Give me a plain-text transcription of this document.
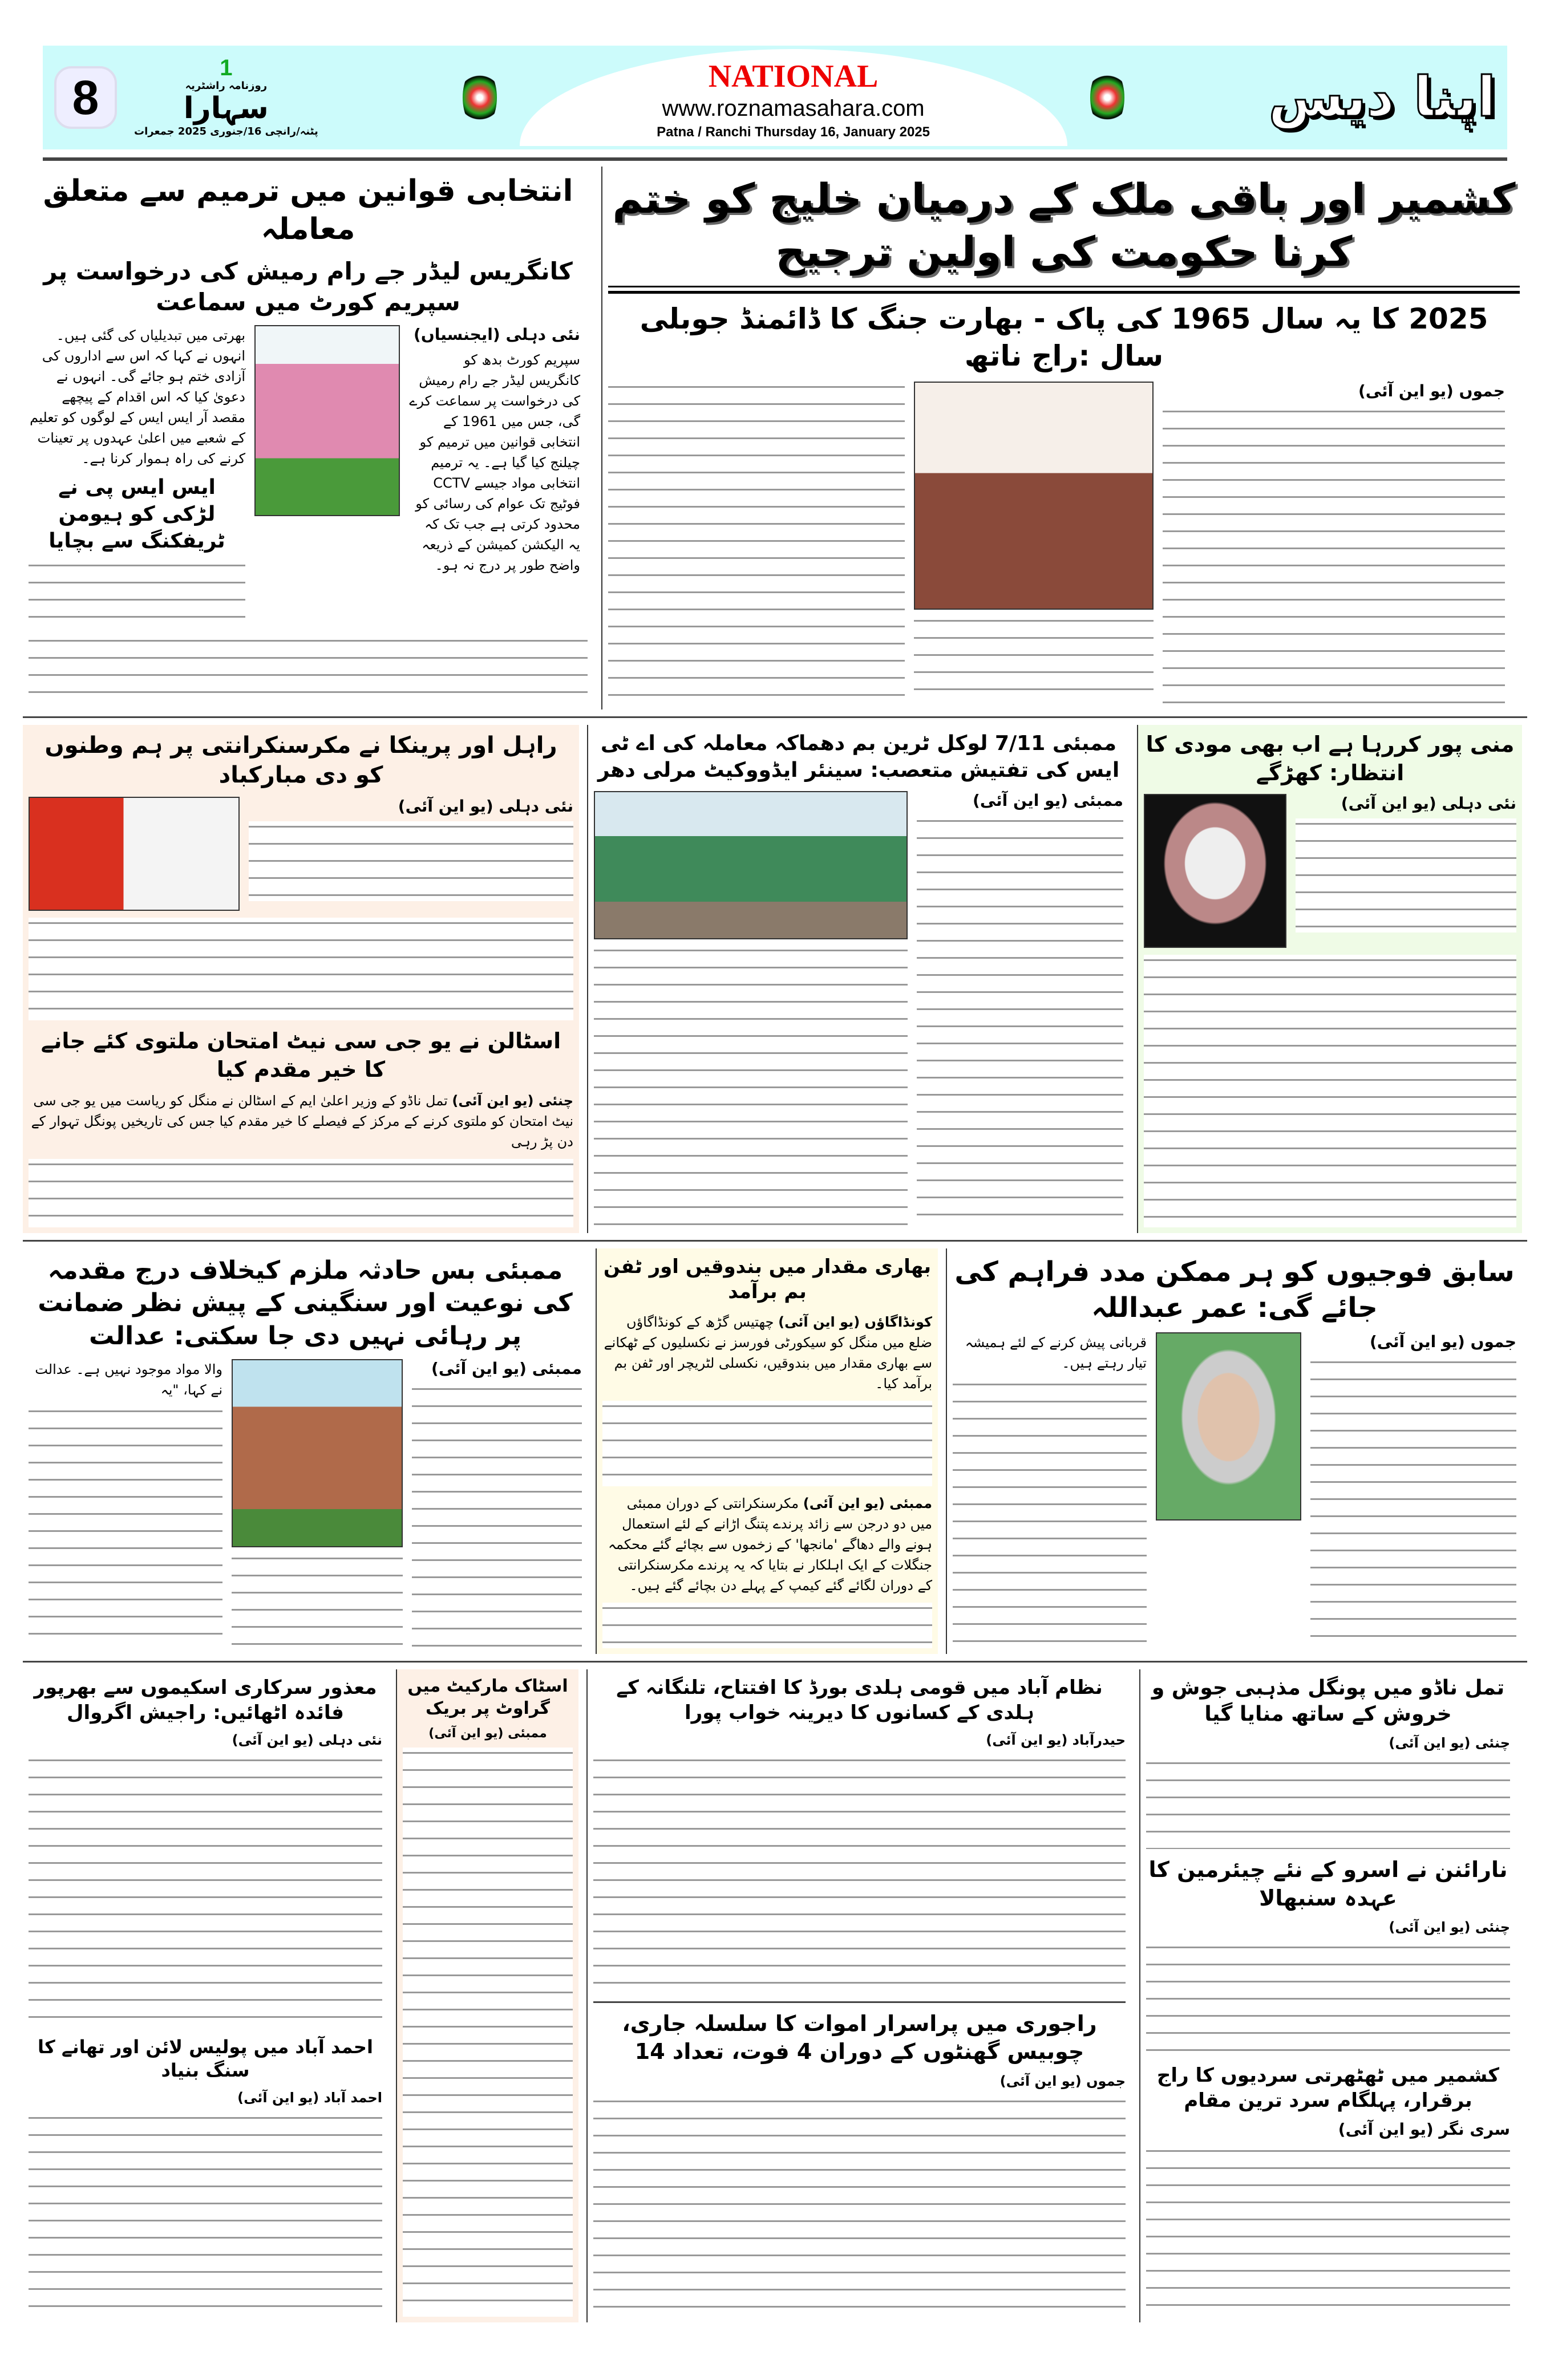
8
1
روزنامہ راشٹریہ
سہارا
پٹنہ/رانچی 16/جنوری 2025 جمعرات
NATIONAL
www.roznamasahara.com
Patna / Ranchi Thursday 16, January 2025
اپنا دیس
انتخابی قوانین میں ترمیم سے متعلق معاملہ
کانگریس لیڈر جے رام رمیش کی درخواست پر سپریم کورٹ میں سماعت
بھرتی میں تبدیلیاں کی گئی ہیں۔ انہوں نے کہا کہ اس سے اداروں کی آزادی ختم ہو جائے گی۔ انہوں نے دعویٰ کیا کہ اس اقدام کے پیچھے مقصد آر ایس ایس کے لوگوں کو تعلیم کے شعبے میں اعلیٰ عہدوں پر تعینات کرنے کی راہ ہموار کرنا ہے۔
ایس ایس پی نے لڑکی کو ہیومن ٹریفکنگ سے بچایا
نئی دہلی (ایجنسیاں)
سپریم کورٹ بدھ کو کانگریس لیڈر جے رام رمیش کی درخواست پر سماعت کرے گی، جس میں 1961 کے انتخابی قوانین میں ترمیم کو چیلنج کیا گیا ہے۔ یہ ترمیم انتخابی مواد جیسے CCTV فوٹیج تک عوام کی رسائی کو محدود کرتی ہے جب تک کہ یہ الیکشن کمیشن کے ذریعہ واضح طور پر درج نہ ہو۔
کشمیر اور باقی ملک کے درمیان خلیج کو ختم کرنا حکومت کی اولین ترجیح
2025 کا یہ سال 1965 کی پاک - بھارت جنگ کا ڈائمنڈ جوبلی سال :راج ناتھ
جموں (یو این آئی)
راہل اور پرینکا نے مکرسنکرانتی پر ہم وطنوں کو دی مبارکباد
نئی دہلی (یو این آئی)
اسٹالن نے یو جی سی نیٹ امتحان ملتوی کئے جانے کا خیر مقدم کیا
چنئی (یو این آئی) تمل ناڈو کے وزیر اعلیٰ ایم کے اسٹالن نے منگل کو ریاست میں یو جی سی نیٹ امتحان کو ملتوی کرنے کے مرکز کے فیصلے کا خیر مقدم کیا جس کی تاریخیں پونگل تہوار کے دن پڑ رہی
ممبئی 7/11 لوکل ٹرین بم دھماکہ معاملہ کی اے ٹی ایس کی تفتیش متعصب: سینئر ایڈووکیٹ مرلی دھر
ممبئی (یو این آئی)
منی پور کررہا ہے اب بھی مودی کا انتظار: کھڑگے
نئی دہلی (یو این آئی)
ممبئی بس حادثہ ملزم کیخلاف درج مقدمہ کی نوعیت اور سنگینی کے پیش نظر ضمانت پر رہائی نہیں دی جا سکتی: عدالت
والا مواد موجود نہیں ہے۔ عدالت نے کہا، "یہ
ممبئی (یو این آئی)
بھاری مقدار میں بندوقیں اور ٹفن بم برآمد
کونڈاگاؤں (یو این آئی) چھتیس گڑھ کے کونڈاگاؤں ضلع میں منگل کو سیکورٹی فورسز نے نکسلیوں کے ٹھکانے سے بھاری مقدار میں بندوقیں، نکسلی لٹریچر اور ٹفن بم برآمد کیا۔
ممبئی (یو این آئی) مکرسنکرانتی کے دوران ممبئی میں دو درجن سے زائد پرندے پتنگ اڑانے کے لئے استعمال ہونے والے دھاگے 'مانجھا' کے زخموں سے بچائے گئے محکمہ جنگلات کے ایک اہلکار نے بتایا کہ یہ پرندے مکرسنکرانتی کے دوران لگائے گئے کیمپ کے پہلے دن بچائے گئے ہیں۔
سابق فوجیوں کو ہر ممکن مدد فراہم کی جائے گی: عمر عبداللہ
قربانی پیش کرنے کے لئے ہمیشہ تیار رہتے ہیں۔
جموں (یو این آئی)
معذور سرکاری اسکیموں سے بھرپور فائدہ اٹھائیں: راجیش اگروال
نئی دہلی (یو این آئی)
احمد آباد میں پولیس لائن اور تھانے کا سنگ بنیاد
احمد آباد (یو این آئی)
اسٹاک مارکیٹ میں گراوٹ پر بریک
ممبئی (یو این آئی)
نظام آباد میں قومی ہلدی بورڈ کا افتتاح، تلنگانہ کے ہلدی کے کسانوں کا دیرینہ خواب پورا
حیدرآباد (یو این آئی)
راجوری میں پراسرار اموات کا سلسلہ جاری، چوبیس گھنٹوں کے دوران 4 فوت، تعداد 14
جموں (یو این آئی)
تمل ناڈو میں پونگل مذہبی جوش و خروش کے ساتھ منایا گیا
چنئی (یو این آئی)
نارائنن نے اسرو کے نئے چیئرمین کا عہدہ سنبھالا
چنئی (یو این آئی)
کشمیر میں ٹھٹھرتی سردیوں کا راج برقرار، پہلگام سرد ترین مقام
سری نگر (یو این آئی)
